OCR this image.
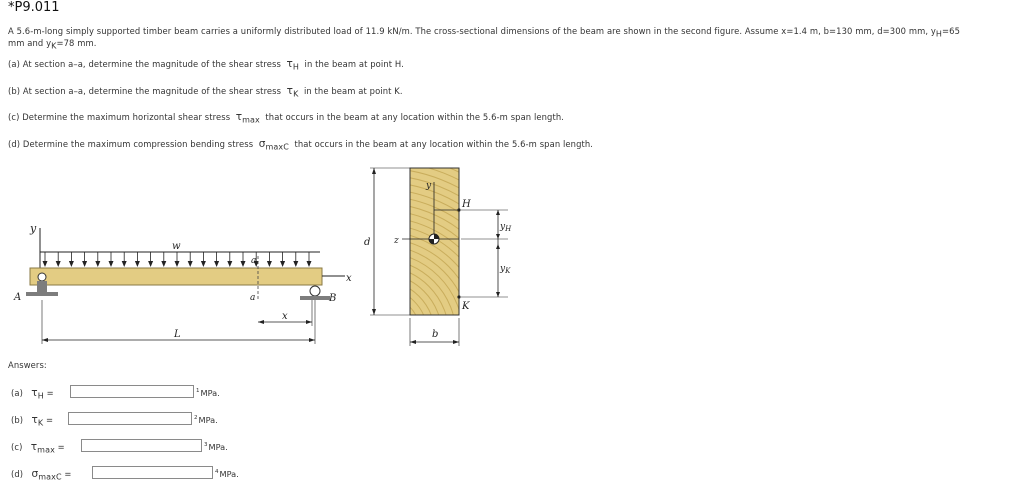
*P9.011
A 5.6-m-long simply supported timber beam carries a uniformly distributed load of 11.9 kN/m. The cross-sectional dimensions of the beam are shown in the second figure. Assume x=1.4 m, b=130 mm, d=300 mm, $y_H=65$
mm and $y_K=78$ mm.
(a) At section a–a, determine the magnitude of the shear stress $\tau_H$ in the beam at point H.
(b) At section a–a, determine the magnitude of the shear stress $\tau_K$ in the beam at point K.
(c) Determine the maximum horizontal shear stress $\tau_{max}$ that occurs in the beam at any location within the 5.6-m span length.
(d) Determine the maximum compression bending stress $\sigma_{maxC}$ that occurs in the beam at any location within the 5.6-m span length.
y
w
x
a
a
A	B
x
L
d	z
y
H
K
$y_H$
$y_K$
b
Answers:
(a) $\tau_H$ =	$^1$MPa.
(b) $\tau_K$ =	$^2$MPa.
(c) $\tau_{max}$ =	$^3$MPa.
(d) $\sigma_{maxC}$ =	$^4$MPa.
